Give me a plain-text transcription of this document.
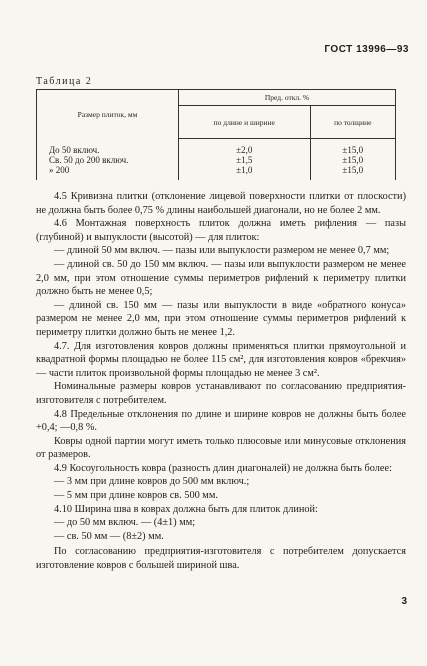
ГОСТ 13996—93
Таблица 2
Размер плиток, мм	Пред. откл. %	
	по длине и ширине	по толщине
До 50 включ.	±2,0	±15,0
Св. 50 до 200 включ.	±1,5	±15,0
» 200	±1,0	±15,0

4.5 Кривизна плитки (отклонение лицевой поверхности плитки от плоскости) не должна быть более 0,75 % длины наибольшей диагонали, но не более 2 мм.

4.6 Монтажная поверхность плиток должна иметь рифления — пазы (глубиной) и выпуклости (высотой) — для плиток:

— длиной 50 мм включ. — пазы или выпуклости размером не менее 0,7 мм;

— длиной св. 50 до 150 мм включ. — пазы или выпуклости размером не менее 2,0 мм, при этом отношение суммы периметров рифлений к периметру плитки должно быть не менее 0,5;

— длиной св. 150 мм — пазы или выпуклости в виде «обратного конуса» размером не менее 2,0 мм, при этом отношение суммы периметров рифлений к периметру плитки должно быть не менее 1,2.

4.7. Для изготовления ковров должны применяться плитки прямоугольной и квадратной формы площадью не более 115 см², для изготовления ковров «брекчия» — части плиток произвольной формы площадью не менее 3 см².

Номинальные размеры ковров устанавливают по согласованию предприятия-изготовителя с потребителем.

4.8 Предельные отклонения по длине и ширине ковров не должны быть более +0,4; —0,8 %.

Ковры одной партии могут иметь только плюсовые или минусовые отклонения от размеров.

4.9 Косоугольность ковра (разность длин диагоналей) не должна быть более:

— 3 мм при длине ковров до 500 мм включ.;

— 5 мм при длине ковров св. 500 мм.

4.10 Ширина шва в коврах должна быть для плиток длиной:

— до 50 мм включ. — (4±1) мм;

— св. 50 мм — (8±2) мм.

По согласованию предприятия-изготовителя с потребителем допускается изготовление ковров с большей шириной шва.

3
